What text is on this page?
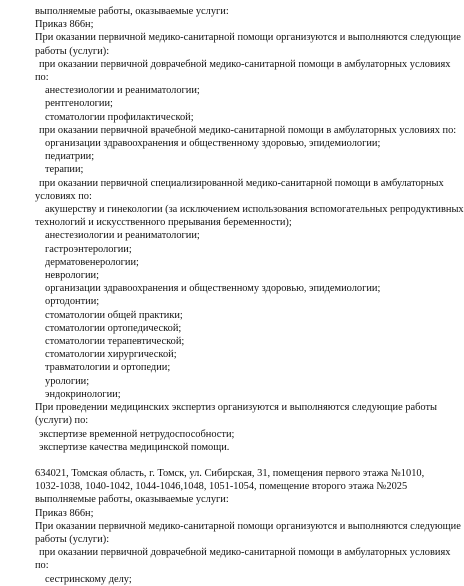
выполняемые работы, оказываемые услуги:
Приказ 866н;
При оказании первичной медико-санитарной помощи организуются и выполняются следующие
работы (услуги):
при оказании первичной доврачебной медико-санитарной помощи в амбулаторных условиях
по:
анестезиологии и реаниматологии;
рентгенологии;
стоматологии профилактической;
при оказании первичной врачебной медико-санитарной помощи в амбулаторных условиях по:
организации здравоохранения и общественному здоровью, эпидемиологии;
педиатрии;
терапии;
при оказании первичной специализированной медико-санитарной помощи в амбулаторных
условиях по:
акушерству и гинекологии (за исключением использования вспомогательных репродуктивных
технологий и искусственного прерывания беременности);
анестезиологии и реаниматологии;
гастроэнтерологии;
дерматовенерологии;
неврологии;
организации здравоохранения и общественному здоровью, эпидемиологии;
ортодонтии;
стоматологии общей практики;
стоматологии ортопедической;
стоматологии терапевтической;
стоматологии хирургической;
травматологии и ортопедии;
урологии;
эндокринологии;
При проведении медицинских экспертиз организуются и выполняются следующие работы
(услуги) по:
экспертизе временной нетрудоспособности;
экспертизе качества медицинской помощи.
634021, Томская область, г. Томск, ул. Сибирская, 31, помещения первого этажа №1010,
1032-1038, 1040-1042, 1044-1046,1048, 1051-1054, помещение второго этажа №2025
выполняемые работы, оказываемые услуги:
Приказ 866н;
При оказании первичной медико-санитарной помощи организуются и выполняются следующие
работы (услуги):
при оказании первичной доврачебной медико-санитарной помощи в амбулаторных условиях
по:
сестринскому делу;
